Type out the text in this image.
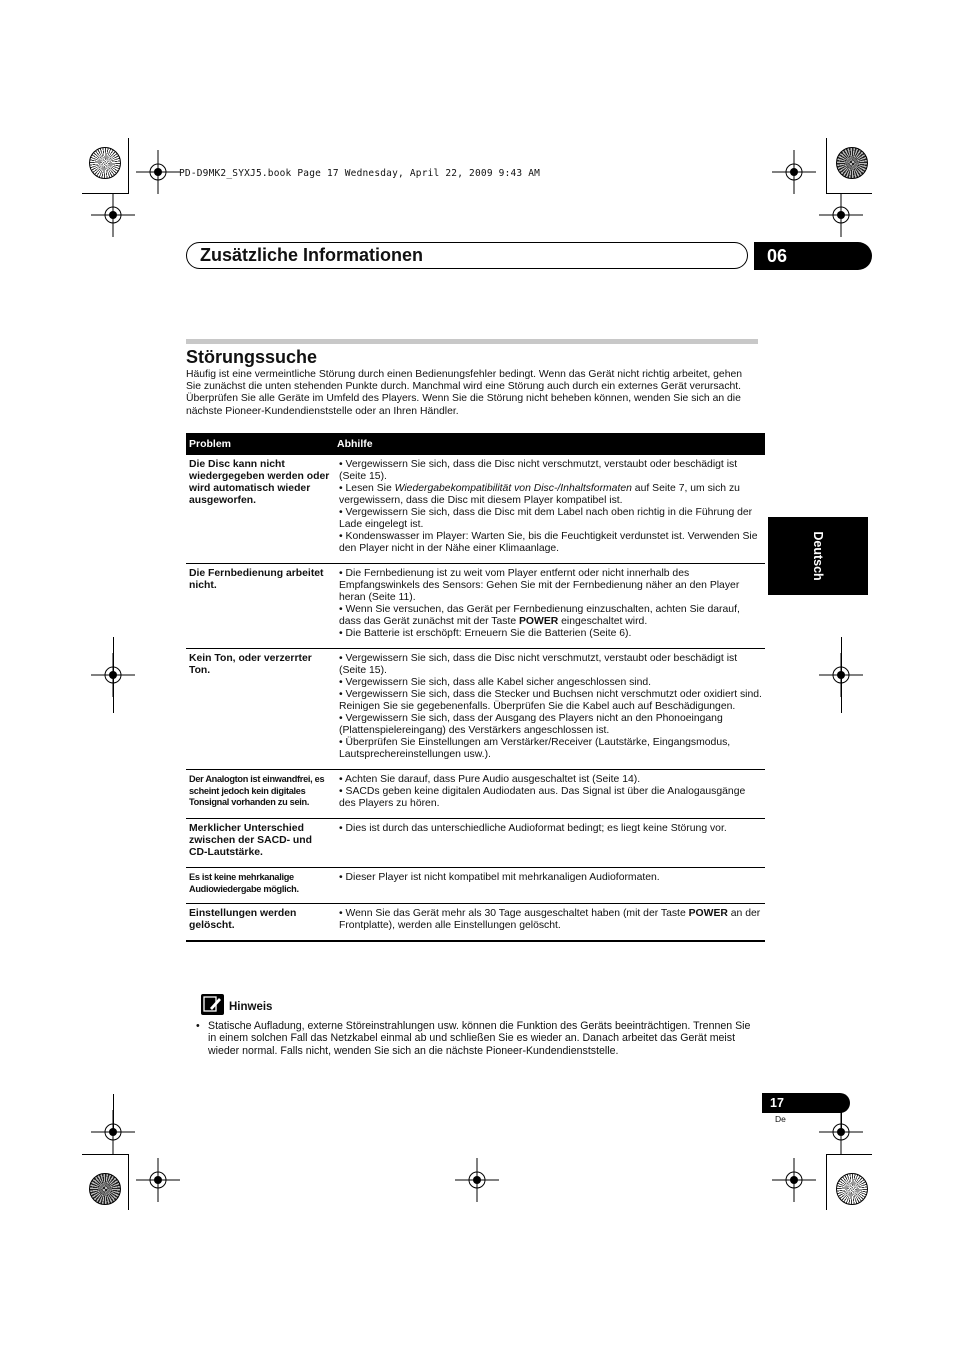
PD-D9MK2_SYXJ5.book Page 17 Wednesday, April 22, 2009 9:43 AM
Zusätzliche Informationen	06
Deutsch
Störungssuche
Häufig ist eine vermeintliche Störung durch einen Bedienungsfehler bedingt. Wenn das Gerät nicht richtig arbeitet, gehen Sie zunächst die unten stehenden Punkte durch. Manchmal wird eine Störung auch durch ein externes Gerät verursacht. Überprüfen Sie alle Geräte im Umfeld des Players. Wenn Sie die Störung nicht beheben können, wenden Sie sich an die nächste Pioneer-Kundendienststelle oder an Ihren Händler.
Problem	Abhilfe
Die Disc kann nicht wiedergegeben werden oder wird automatisch wieder ausgeworfen.	• Vergewissern Sie sich, dass die Disc nicht verschmutzt, verstaubt oder beschädigt ist (Seite 15).
• Lesen Sie Wiedergabekompatibilität von Disc-/Inhaltsformaten auf Seite 7, um sich zu vergewissern, dass die Disc mit diesem Player kompatibel ist.
• Vergewissern Sie sich, dass die Disc mit dem Label nach oben richtig in die Führung der Lade eingelegt ist.
• Kondenswasser im Player: Warten Sie, bis die Feuchtigkeit verdunstet ist. Verwenden Sie den Player nicht in der Nähe einer Klimaanlage.

Die Fernbedienung arbeitet nicht.	• Die Fernbedienung ist zu weit vom Player entfernt oder nicht innerhalb des Empfangswinkels des Sensors: Gehen Sie mit der Fernbedienung näher an den Player heran (Seite 11).
• Wenn Sie versuchen, das Gerät per Fernbedienung einzuschalten, achten Sie darauf, dass das Gerät zunächst mit der Taste POWER eingeschaltet wird.
• Die Batterie ist erschöpft: Erneuern Sie die Batterien (Seite 6).

Kein Ton, oder verzerrter Ton.	• Vergewissern Sie sich, dass die Disc nicht verschmutzt, verstaubt oder beschädigt ist (Seite 15).
• Vergewissern Sie sich, dass alle Kabel sicher angeschlossen sind.
• Vergewissern Sie sich, dass die Stecker und Buchsen nicht verschmutzt oder oxidiert sind. Reinigen Sie sie gegebenenfalls. Überprüfen Sie die Kabel auch auf Beschädigungen.
• Vergewissern Sie sich, dass der Ausgang des Players nicht an den Phonoeingang (Plattenspielereingang) des Verstärkers angeschlossen ist.
• Überprüfen Sie Einstellungen am Verstärker/Receiver (Lautstärke, Eingangsmodus, Lautsprechereinstellungen usw.).

Der Analogton ist einwandfrei, es scheint jedoch kein digitales Tonsignal vorhanden zu sein.	• Achten Sie darauf, dass Pure Audio ausgeschaltet ist (Seite 14).
• SACDs geben keine digitalen Audiodaten aus. Das Signal ist über die Analogausgänge des Players zu hören.

Merklicher Unterschied zwischen der SACD- und CD-Lautstärke.	• Dies ist durch das unterschiedliche Audioformat bedingt; es liegt keine Störung vor.

Es ist keine mehrkanalige Audiowiedergabe möglich.	• Dieser Player ist nicht kompatibel mit mehrkanaligen Audioformaten.

Einstellungen werden gelöscht.	• Wenn Sie das Gerät mehr als 30 Tage ausgeschaltet haben (mit der Taste POWER an der Frontplatte), werden alle Einstellungen gelöscht.
Hinweis
• Statische Aufladung, externe Störeinstrahlungen usw. können die Funktion des Geräts beeinträchtigen. Trennen Sie in einem solchen Fall das Netzkabel einmal ab und schließen Sie es wieder an. Danach arbeitet das Gerät meist wieder normal. Falls nicht, wenden Sie sich an die nächste Pioneer-Kundendienststelle.
17
De
